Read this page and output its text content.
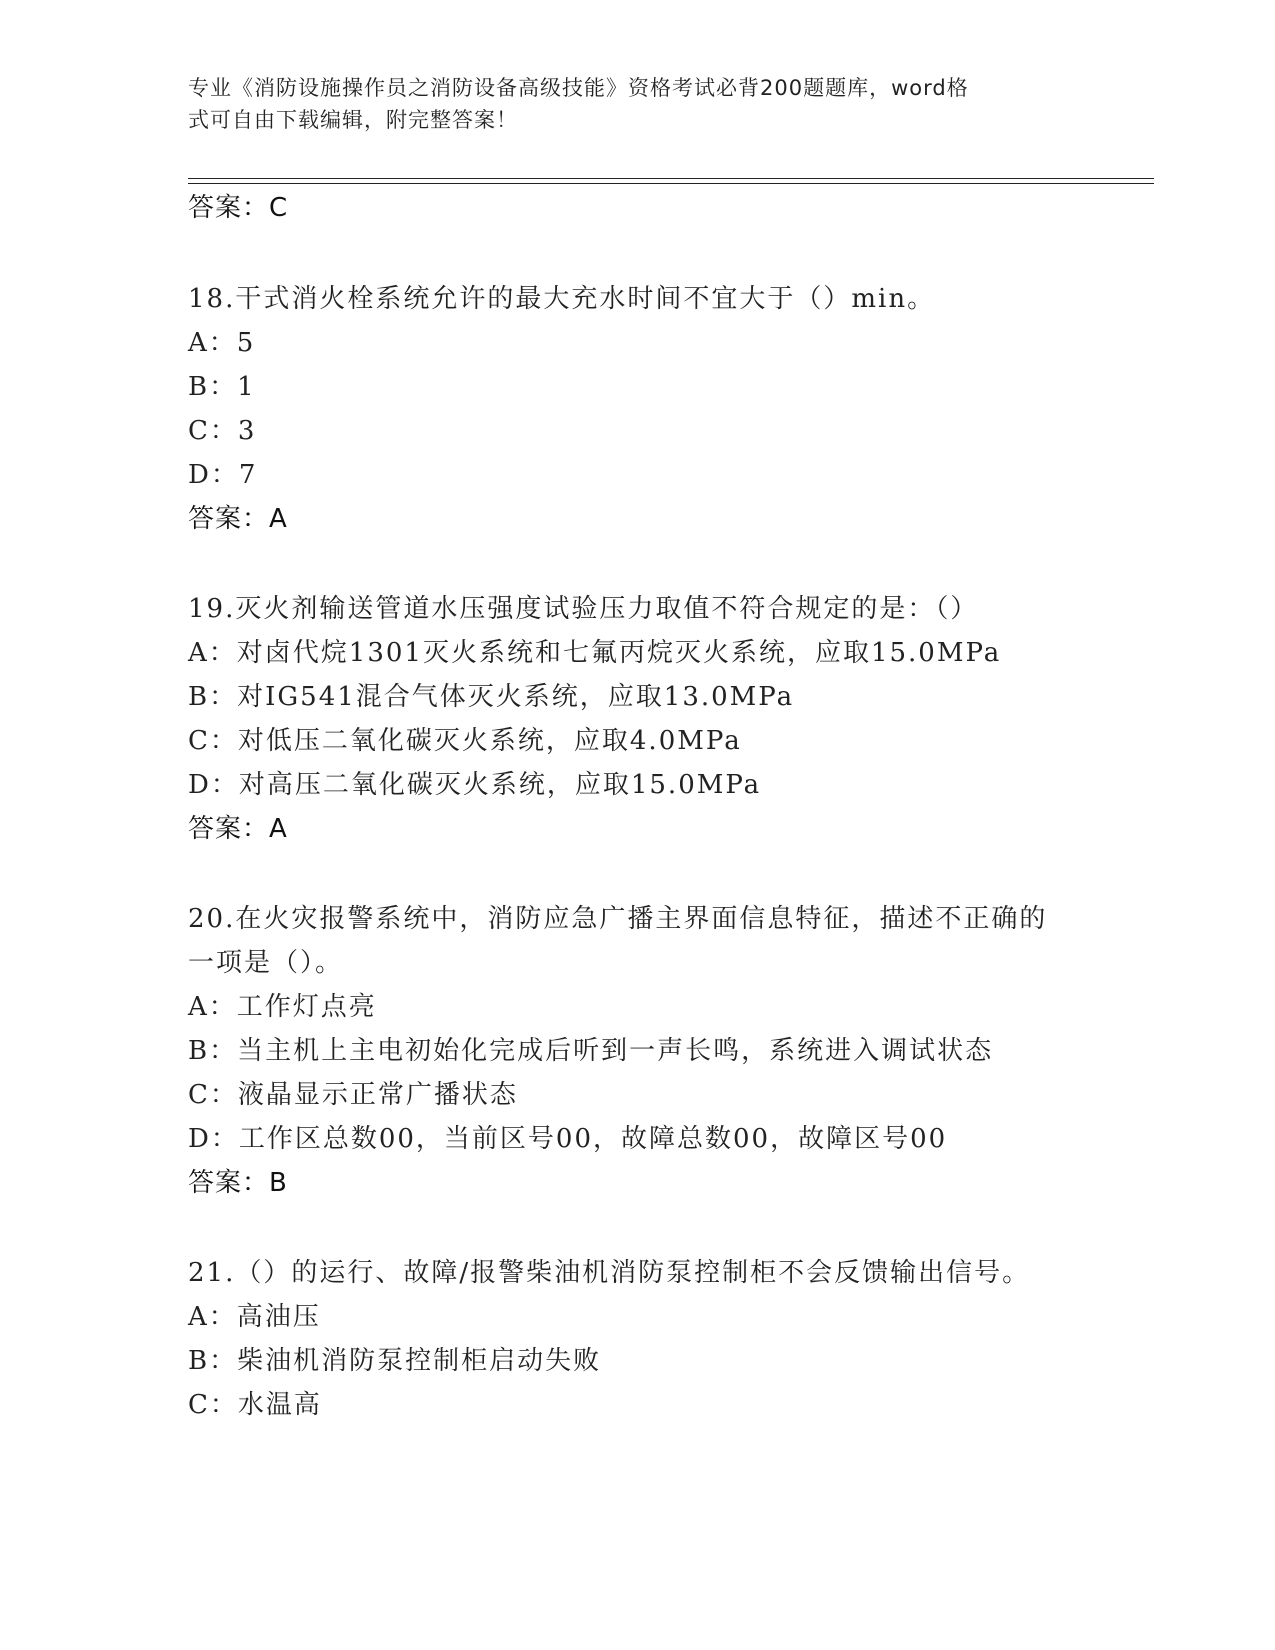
专业《消防设施操作员之消防设备高级技能》资格考试必背200题题库，word格
式可自由下载编辑，附完整答案！
答案：C
18.干式消火栓系统允许的最大充水时间不宜大于（）min。
A：5
B：1
C：3
D：7
答案：A
19.灭火剂输送管道水压强度试验压力取值不符合规定的是：（）
A：对卤代烷1301灭火系统和七氟丙烷灭火系统，应取15.0MPa
B：对IG541混合气体灭火系统，应取13.0MPa
C：对低压二氧化碳灭火系统，应取4.0MPa
D：对高压二氧化碳灭火系统，应取15.0MPa
答案：A
20.在火灾报警系统中，消防应急广播主界面信息特征，描述不正确的
一项是（）。
A：工作灯点亮
B：当主机上主电初始化完成后听到一声长鸣，系统进入调试状态
C：液晶显示正常广播状态
D：工作区总数00，当前区号00，故障总数00，故障区号00
答案：B
21.（）的运行、故障/报警柴油机消防泵控制柜不会反馈输出信号。
A：高油压
B：柴油机消防泵控制柜启动失败
C：水温高
